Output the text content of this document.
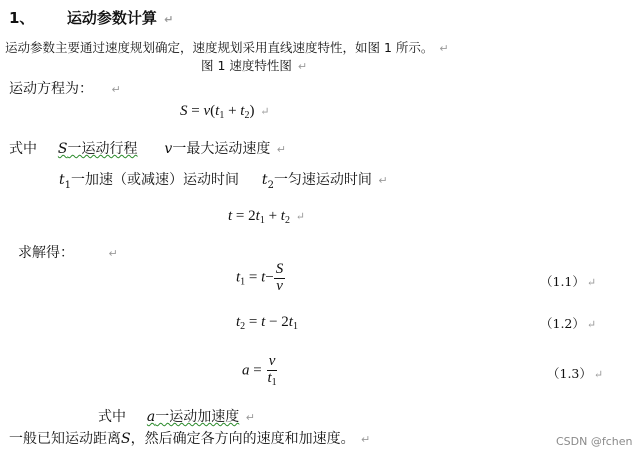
1、 运动参数计算 ↵
运动参数主要通过速度规划确定，速度规划采用直线速度特性，如图 1 所示。 ↵
图 1 速度特性图 ↵
运动方程为： ↵
$S = v(t_1 + t_2)$ ↵
式中 S一运动行程 v一最大运动速度 ↵
$t_1$一加速（或减速）运动时间 $t_2$一匀速运动时间 ↵
$t = 2t_1 + t_2$ ↵
求解得：	↵
$t_1 = t- \frac{S}{v}$	（1.1） ↵
$t_2 = t - 2t_1$	（1.2） ↵
$a = \frac{v}{t_1}$	（1.3） ↵
式中 a一运动加速度 ↵
一般已知运动距离S，然后确定各方向的速度和加速度。 ↵	CSDN @fchen
